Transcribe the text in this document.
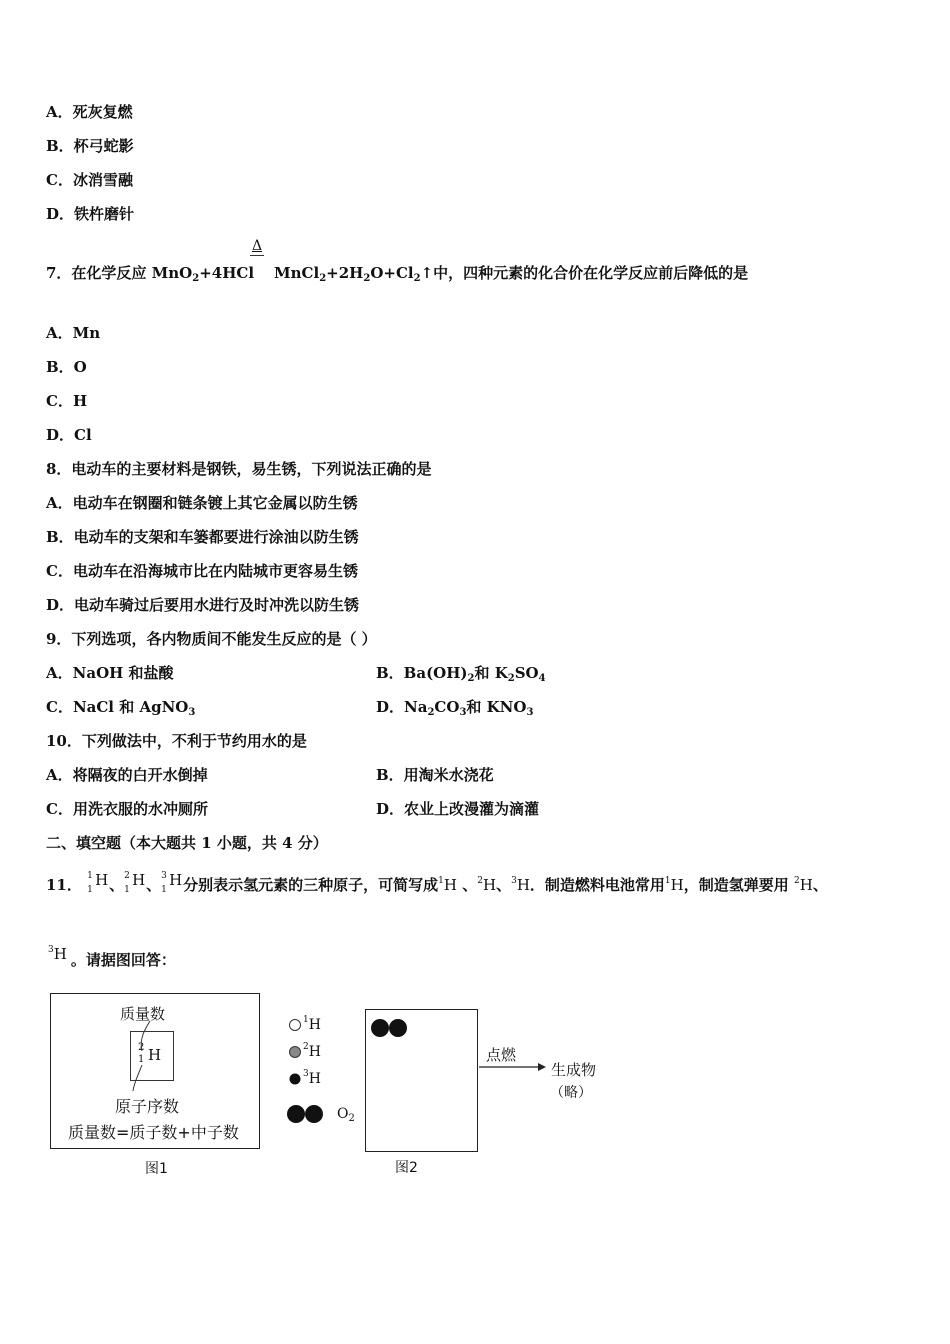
A．死灰复燃
B．杯弓蛇影
C．冰消雪融
D．铁杵磨针
7．在化学反应 MnO$_2$+4HCl $MnCl_2+2H_2O+Cl_2↑$中，四种元素的化合价在化学反应前后降低的是
Δ
A．Mn
B．O
C．H
D．Cl
8．电动车的主要材料是钢铁，易生锈，下列说法正确的是
A．电动车在钢圈和链条镀上其它金属以防生锈
B．电动车的支架和车篓都要进行涂油以防生锈
C．电动车在沿海城市比在内陆城市更容易生锈
D．电动车骑过后要用水进行及时冲洗以防生锈
9．下列选项，各内物质间不能发生反应的是（ ）
A．NaOH 和盐酸	B．$Ba(OH)_2$和 $K_2SO_4$
C．NaCl 和 AgNO$_3$	D．$Na_2CO_3$和 $KNO_3$
10．下列做法中，不利于节约用水的是
A．将隔夜的白开水倒掉	B．用淘米水浇花
C．用洗衣服的水冲厕所	D．农业上改漫灌为滴灌
二、填空题（本大题共 1 小题，共 4 分）
11． 1
1
H 、 2
1
H 、 3
1
H 分别表示氢元素的三种原子，可简写成$^1$H 、$^2$H、$^3$H．制造燃料电池常用$^1$H，制造氢弹要用 $^2$H、
$^3$H 。请据图回答：
质量数
2
1 H
原子序数
质量数=质子数+中子数
图1
$^1$H
$^2$H
$^3$H
$O_2$
点燃
生成物
（略）
图2
